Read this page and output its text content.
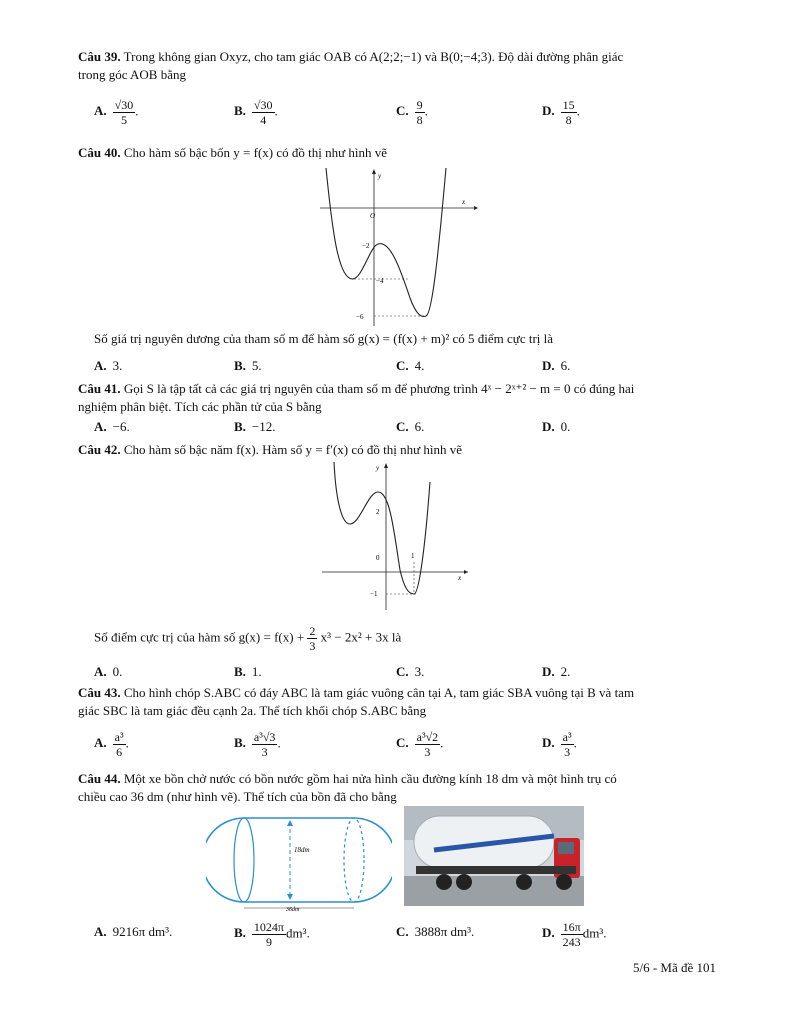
Câu 39. Trong không gian Oxyz, cho tam giác OAB có A(2;2;−1) và B(0;−4;3). Độ dài đường phân giác
trong góc AOB bằng
A. $\frac{√30}{5}$ .	B. $\frac{√30}{4}$ .	C. $\frac{9}{8}$ .	D. $\frac{15}{8}$ .
Câu 40. Cho hàm số bậc bốn y = f(x) có đồ thị như hình vẽ
y
x
O
−2
−4
−6
Số giá trị nguyên dương của tham số m để hàm số g(x) = (f(x) + m)² có 5 điểm cực trị là
A. 3.	B. 5.	C. 4.	D. 6.
Câu 41. Gọi S là tập tất cả các giá trị nguyên của tham số m để phương trình 4ˣ − 2ˣ⁺² − m = 0 có đúng hai
nghiệm phân biệt. Tích các phần tử của S bằng
A. −6.	B. −12.	C. 6.	D. 0.
Câu 42. Cho hàm số bậc năm f(x). Hàm số y = f′(x) có đồ thị như hình vẽ
y
x
2
0	1
−1
Số điểm cực trị của hàm số $g(x) = f(x) + \frac{2}{3} x^3 - 2x^2 + 3x$ là
A. 0.	B. 1.	C. 3.	D. 2.
Câu 43. Cho hình chóp S.ABC có đáy ABC là tam giác vuông cân tại A, tam giác SBA vuông tại B và tam
giác SBC là tam giác đều cạnh 2a. Thể tích khối chóp S.ABC bằng
A. $\frac{\text{a³}}{6}$ .	B. $\frac{\text{a³√3}}{3}$ .	C. $\frac{\text{a³√2}}{3}$ .	D. $\frac{\text{a³}}{3}$ .
Câu 44. Một xe bồn chở nước có bồn nước gồm hai nửa hình cầu đường kính 18 dm và một hình trụ có
chiều cao 36 dm (như hình vẽ). Thể tích của bồn đã cho bằng
18dm
36dm
A. 9216π dm³.	B. $\frac{1024\pi}{9} dm^3$.	C. 3888π dm³.	D. $\frac{16\pi}{243} dm^3$.
5/6 - Mã đề 101
